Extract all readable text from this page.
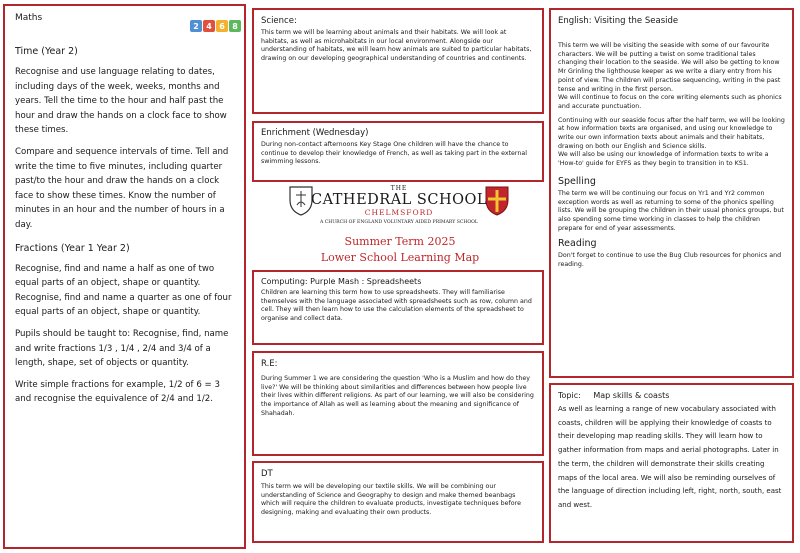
Maths
2 4 6 8
Time (Year 2)
Recognise and use language relating to dates, including days of the week, weeks, months and years. Tell the time to the hour and half past the hour and draw the hands on a clock face to show these times.
Compare and sequence intervals of time. Tell and write the time to five minutes, including quarter past/to the hour and draw the hands on a clock face to show these times. Know the number of minutes in an hour and the number of hours in a day.
Fractions (Year 1 Year 2)
Recognise, find and name a half as one of two equal parts of an object, shape or quantity. Recognise, find and name a quarter as one of four equal parts of an object, shape or quantity.
Pupils should be taught to: Recognise, find, name and write fractions 1/3 , 1/4 , 2/4 and 3/4 of a length, shape, set of objects or quantity.
Write simple fractions for example, 1/2 of 6 = 3 and recognise the equivalence of 2/4 and 1/2.
Science:
This term we will be learning about animals and their habitats. We will look at habitats, as well as microhabitats in our local environment. Alongside our understanding of habitats, we will learn how animals are suited to particular habitats, drawing on our developing geographical understanding of countries and continents.
Enrichment (Wednesday)
During non-contact afternoons Key Stage One children will have the chance to continue to develop their knowledge of French, as well as taking part in the external swimming lessons.
THE
CATHEDRAL SCHOOL
CHELMSFORD
A CHURCH OF ENGLAND VOLUNTARY AIDED PRIMARY SCHOOL
Summer Term 2025
Lower School Learning Map
Computing: Purple Mash : Spreadsheets
Children are learning this term how to use spreadsheets. They will familiarise themselves with the language associated with spreadsheets such as row, column and cell. They will then learn how to use the calculation elements of the spreadsheet to organise and collect data.
R.E:
During Summer 1 we are considering the question 'Who is a Muslim and how do they live?' We will be thinking about similarities and differences between how people live their lives within different religions. As part of our learning, we will also be considering the importance of Allah as well as learning about the meaning and significance of Shahadah.
DT
This term we will be developing our textile skills. We will be combining our understanding of Science and Geography to design and make themed beanbags which will require the children to evaluate products, investigate techniques before designing, making and evaluating their own products.
English: Visiting the Seaside
This term we will be visiting the seaside with some of our favourite characters. We will be putting a twist on some traditional tales changing their location to the seaside. We will also be getting to know Mr Grinling the lighthouse keeper as we write a diary entry from his point of view. The children will practise sequencing, writing in the past tense and writing in the first person.
We will continue to focus on the core writing elements such as phonics and accurate punctuation.
Continuing with our seaside focus after the half term, we will be looking at how information texts are organised, and using our knowledge to write our own information texts about animals and their habitats, drawing on both our English and Science skills.
We will also be using our knowledge of information texts to write a 'How-to' guide for EYFS as they begin to transition in to KS1.
Spelling
The term we will be continuing our focus on Yr1 and Yr2 common exception words as well as returning to some of the phonics spelling lists. We will be grouping the children in their usual phonics groups, but also spending some time working in classes to help the children prepare for end of year assessments.
Reading
Don't forget to continue to use the Bug Club resources for phonics and reading.
Topic: Map skills & coasts
As well as learning a range of new vocabulary associated with coasts, children will be applying their knowledge of coasts to their developing map reading skills. They will learn how to gather information from maps and aerial photographs. Later in the term, the children will demonstrate their skills creating maps of the local area. We will also be reminding ourselves of the language of direction including left, right, north, south, east and west.
